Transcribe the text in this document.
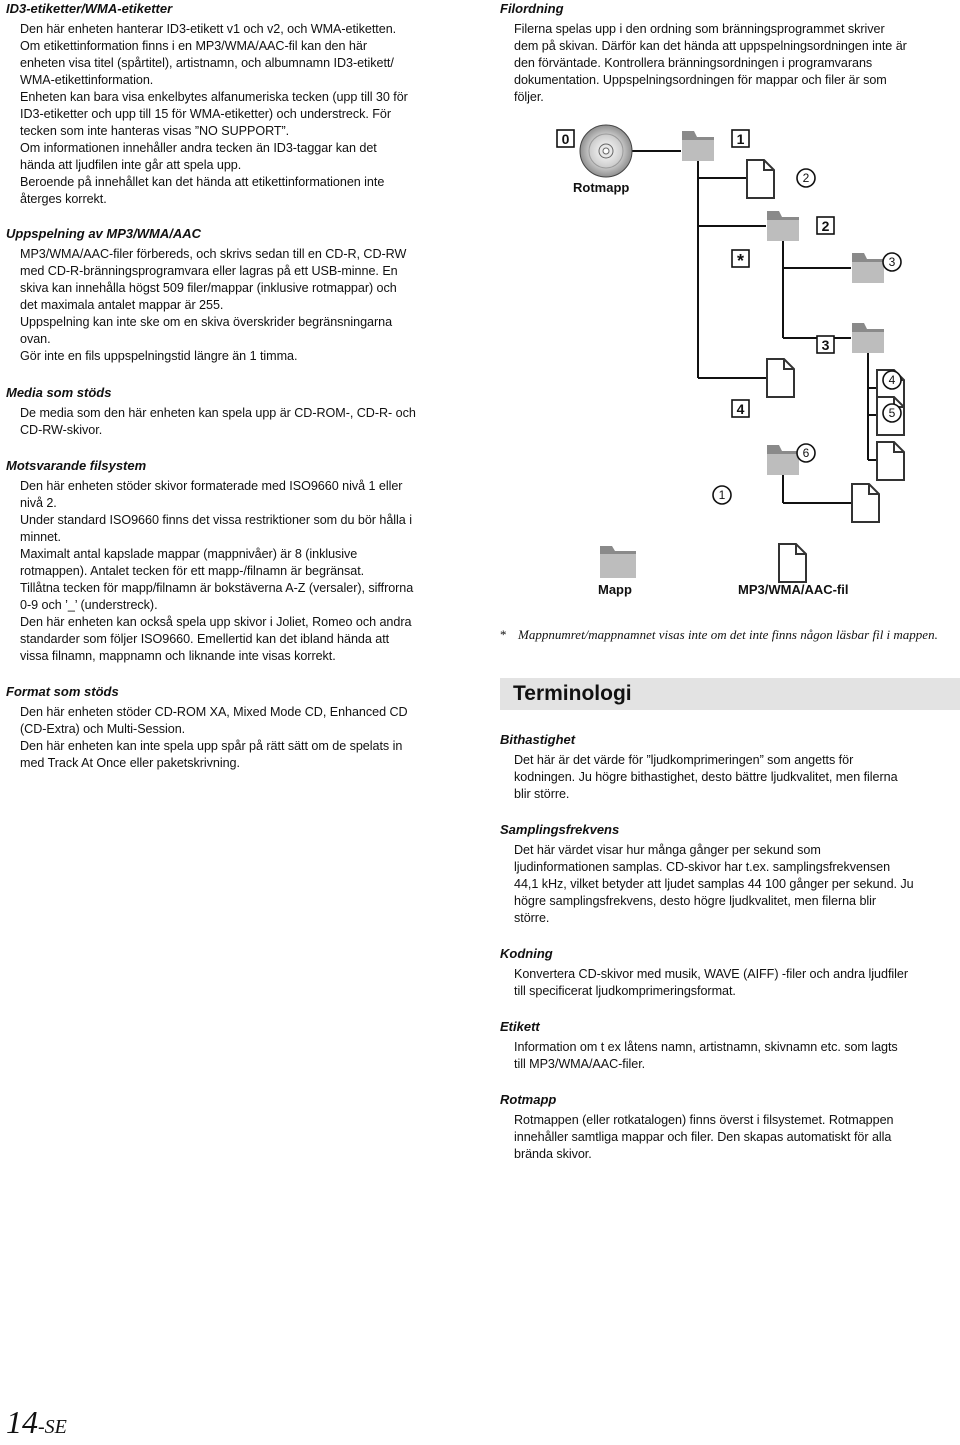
ID3-etiketter/WMA-etiketter

Den här enheten hanterar ID3-etikett v1 och v2, och WMA-etiketten.

Om etikettinformation finns i en MP3/WMA/AAC-fil kan den här

enheten visa titel (spårtitel), artistnamn, och albumnamn ID3-etikett/

WMA-etikettinformation.

Enheten kan bara visa enkelbytes alfanumeriska tecken (upp till 30 för

ID3-etiketter och upp till 15 för WMA-etiketter) och understreck. För

tecken som inte hanteras visas ”NO SUPPORT”.

Om informationen innehåller andra tecken än ID3-taggar kan det

hända att ljudfilen inte går att spela upp.

Beroende på innehållet kan det hända att etikettinformationen inte

återges korrekt.

Uppspelning av MP3/WMA/AAC

MP3/WMA/AAC-filer förbereds, och skrivs sedan till en CD-R, CD-RW

med CD-R-bränningsprogramvara eller lagras på ett USB-minne. En

skiva kan innehålla högst 509 filer/mappar (inklusive rotmappar) och

det maximala antalet mappar är 255.

Uppspelning kan inte ske om en skiva överskrider begränsningarna

ovan.

Gör inte en fils uppspelningstid längre än 1 timma.

Media som stöds

De media som den här enheten kan spela upp är CD-ROM-, CD-R- och

CD-RW-skivor.

Motsvarande filsystem

Den här enheten stöder skivor formaterade med ISO9660 nivå 1 eller

nivå 2.

Under standard ISO9660 finns det vissa restriktioner som du bör hålla i

minnet.

Maximalt antal kapslade mappar (mappnivåer) är 8 (inklusive

rotmappen). Antalet tecken för ett mapp-/filnamn är begränsat.

Tillåtna tecken för mapp/filnamn är bokstäverna A-Z (versaler), siffrorna

0-9 och ’_’ (understreck).

Den här enheten kan också spela upp skivor i Joliet, Romeo och andra

standarder som följer ISO9660. Emellertid kan det ibland hända att

vissa filnamn, mappnamn och liknande inte visas korrekt.

Format som stöds

Den här enheten stöder CD-ROM XA, Mixed Mode CD, Enhanced CD

(CD-Extra) och Multi-Session.

Den här enheten kan inte spela upp spår på rätt sätt om de spelats in

med Track At Once eller paketskrivning.

Filordning

Filerna spelas upp i den ordning som bränningsprogrammet skriver

dem på skivan. Därför kan det hända att uppspelningsordningen inte är

den förväntade. Kontrollera bränningsordningen i programvarans

dokumentation. Uppspelningsordningen för mappar och filer är som

följer.

* Mappnumret/mappnamnet visas inte om det inte finns någon läsbar fil i mappen.
Terminologi
Bithastighet

Det här är det värde för ”ljudkomprimeringen” som angetts för

kodningen. Ju högre bithastighet, desto bättre ljudkvalitet, men filerna

blir större.

Samplingsfrekvens

Det här värdet visar hur många gånger per sekund som

ljudinformationen samplas. CD-skivor har t.ex. samplingsfrekvensen

44,1 kHz, vilket betyder att ljudet samplas 44 100 gånger per sekund. Ju

högre samplingsfrekvens, desto högre ljudkvalitet, men filerna blir

större.

Kodning

Konvertera CD-skivor med musik, WAVE (AIFF) -filer och andra ljudfiler

till specificerat ljudkomprimeringsformat.

Etikett

Information om t ex låtens namn, artistnamn, skivnamn etc. som lagts

till MP3/WMA/AAC-filer.

Rotmapp

Rotmappen (eller rotkatalogen) finns överst i filsystemet. Rotmappen

innehåller samtliga mappar och filer. Den skapas automatiskt för alla

brända skivor.

0	1
2
*
3
4
2
3
4
5
6
1
Rotmapp
Mapp	MP3/WMA/AAC-fil
14-SE
